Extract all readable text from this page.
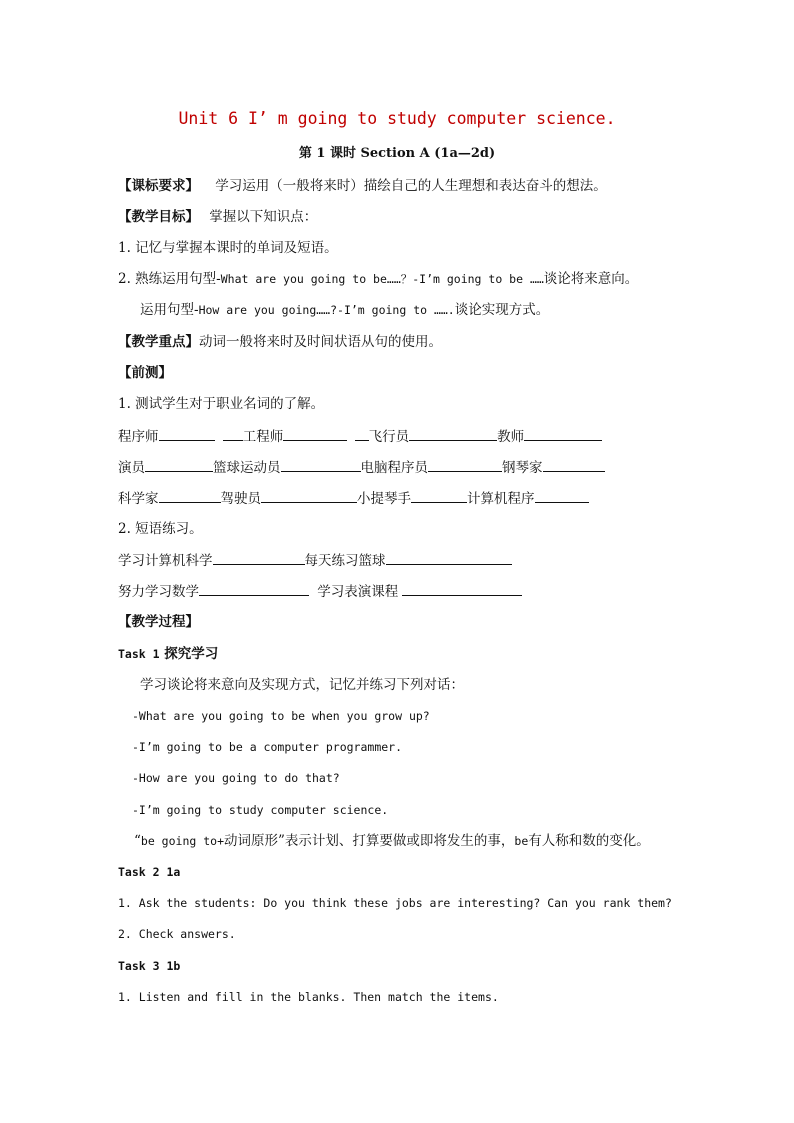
Unit 6 I’ m going to study computer science.
第 1 课时 Section A (1a—2d)
【课标要求】 学习运用（一般将来时）描绘自己的人生理想和表达奋斗的想法。
【教学目标】 掌握以下知识点：
1. 记忆与掌握本课时的单词及短语。
2. 熟练运用句型-What are you going to be……？-I’m going to be ……谈论将来意向。
运用句型-How are you going……?-I’m going to …….谈论实现方式。
【教学重点】动词一般将来时及时间状语从句的使用。
【前测】
1. 测试学生对于职业名词的了解。
程序师	工程师	飞行员	教师
演员	篮球运动员	电脑程序员	钢琴家
科学家	驾驶员	小提琴手	计算机程序
2. 短语练习。
学习计算机科学	每天练习篮球
努力学习数学	学习表演课程
【教学过程】
Task 1 探究学习
学习谈论将来意向及实现方式，记忆并练习下列对话：
-What are you going to be when you grow up?
-I’m going to be a computer programmer.
-How are you going to do that?
-I’m going to study computer science.
“be going to+动词原形”表示计划、打算要做或即将发生的事，be有人称和数的变化。
Task 2 1a
1. Ask the students: Do you think these jobs are interesting? Can you rank them?
2. Check answers.
Task 3 1b
1. Listen and fill in the blanks. Then match the items.
